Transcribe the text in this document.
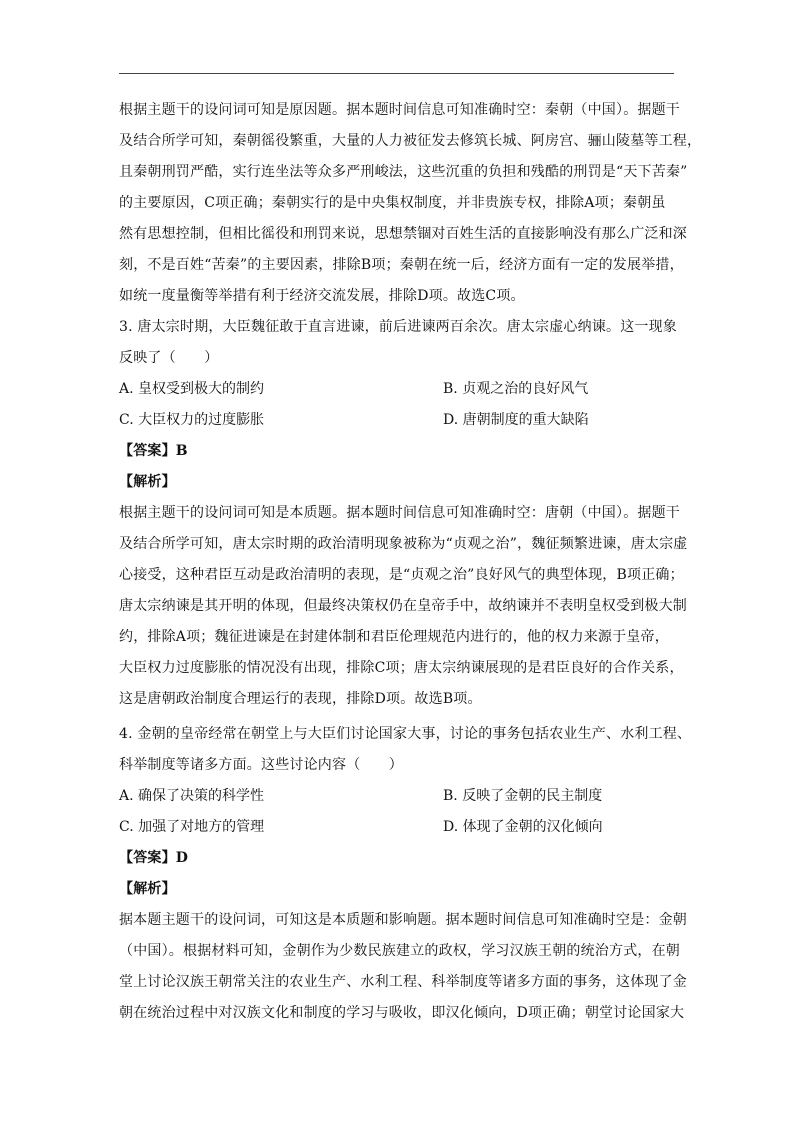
根据主题干的设问词可知是原因题。据本题时间信息可知准确时空：秦朝（中国）。据题干
及结合所学可知，秦朝徭役繁重，大量的人力被征发去修筑长城、阿房宫、骊山陵墓等工程，
且秦朝刑罚严酷，实行连坐法等众多严刑峻法，这些沉重的负担和残酷的刑罚是“天下苦秦”
的主要原因，C项正确；秦朝实行的是中央集权制度，并非贵族专权，排除A项；秦朝虽
然有思想控制，但相比徭役和刑罚来说，思想禁锢对百姓生活的直接影响没有那么广泛和深
刻，不是百姓“苦秦”的主要因素，排除B项；秦朝在统一后，经济方面有一定的发展举措，
如统一度量衡等举措有利于经济交流发展，排除D项。故选C项。
3. 唐太宗时期，大臣魏征敢于直言进谏，前后进谏两百余次。唐太宗虚心纳谏。这一现象
反映了（　　）
A. 皇权受到极大的制约	B. 贞观之治的良好风气
C. 大臣权力的过度膨胀	D. 唐朝制度的重大缺陷
【答案】B
【解析】
根据主题干的设问词可知是本质题。据本题时间信息可知准确时空：唐朝（中国）。据题干
及结合所学可知，唐太宗时期的政治清明现象被称为“贞观之治”，魏征频繁进谏，唐太宗虚
心接受，这种君臣互动是政治清明的表现，是“贞观之治”良好风气的典型体现，B项正确；
唐太宗纳谏是其开明的体现，但最终决策权仍在皇帝手中，故纳谏并不表明皇权受到极大制
约，排除A项；魏征进谏是在封建体制和君臣伦理规范内进行的，他的权力来源于皇帝，
大臣权力过度膨胀的情况没有出现，排除C项；唐太宗纳谏展现的是君臣良好的合作关系，
这是唐朝政治制度合理运行的表现，排除D项。故选B项。
4. 金朝的皇帝经常在朝堂上与大臣们讨论国家大事，讨论的事务包括农业生产、水利工程、
科举制度等诸多方面。这些讨论内容（　　）
A. 确保了决策的科学性	B. 反映了金朝的民主制度
C. 加强了对地方的管理	D. 体现了金朝的汉化倾向
【答案】D
【解析】
据本题主题干的设问词，可知这是本质题和影响题。据本题时间信息可知准确时空是：金朝
（中国）。根据材料可知，金朝作为少数民族建立的政权，学习汉族王朝的统治方式，在朝
堂上讨论汉族王朝常关注的农业生产、水利工程、科举制度等诸多方面的事务，这体现了金
朝在统治过程中对汉族文化和制度的学习与吸收，即汉化倾向，D项正确；朝堂讨论国家大
